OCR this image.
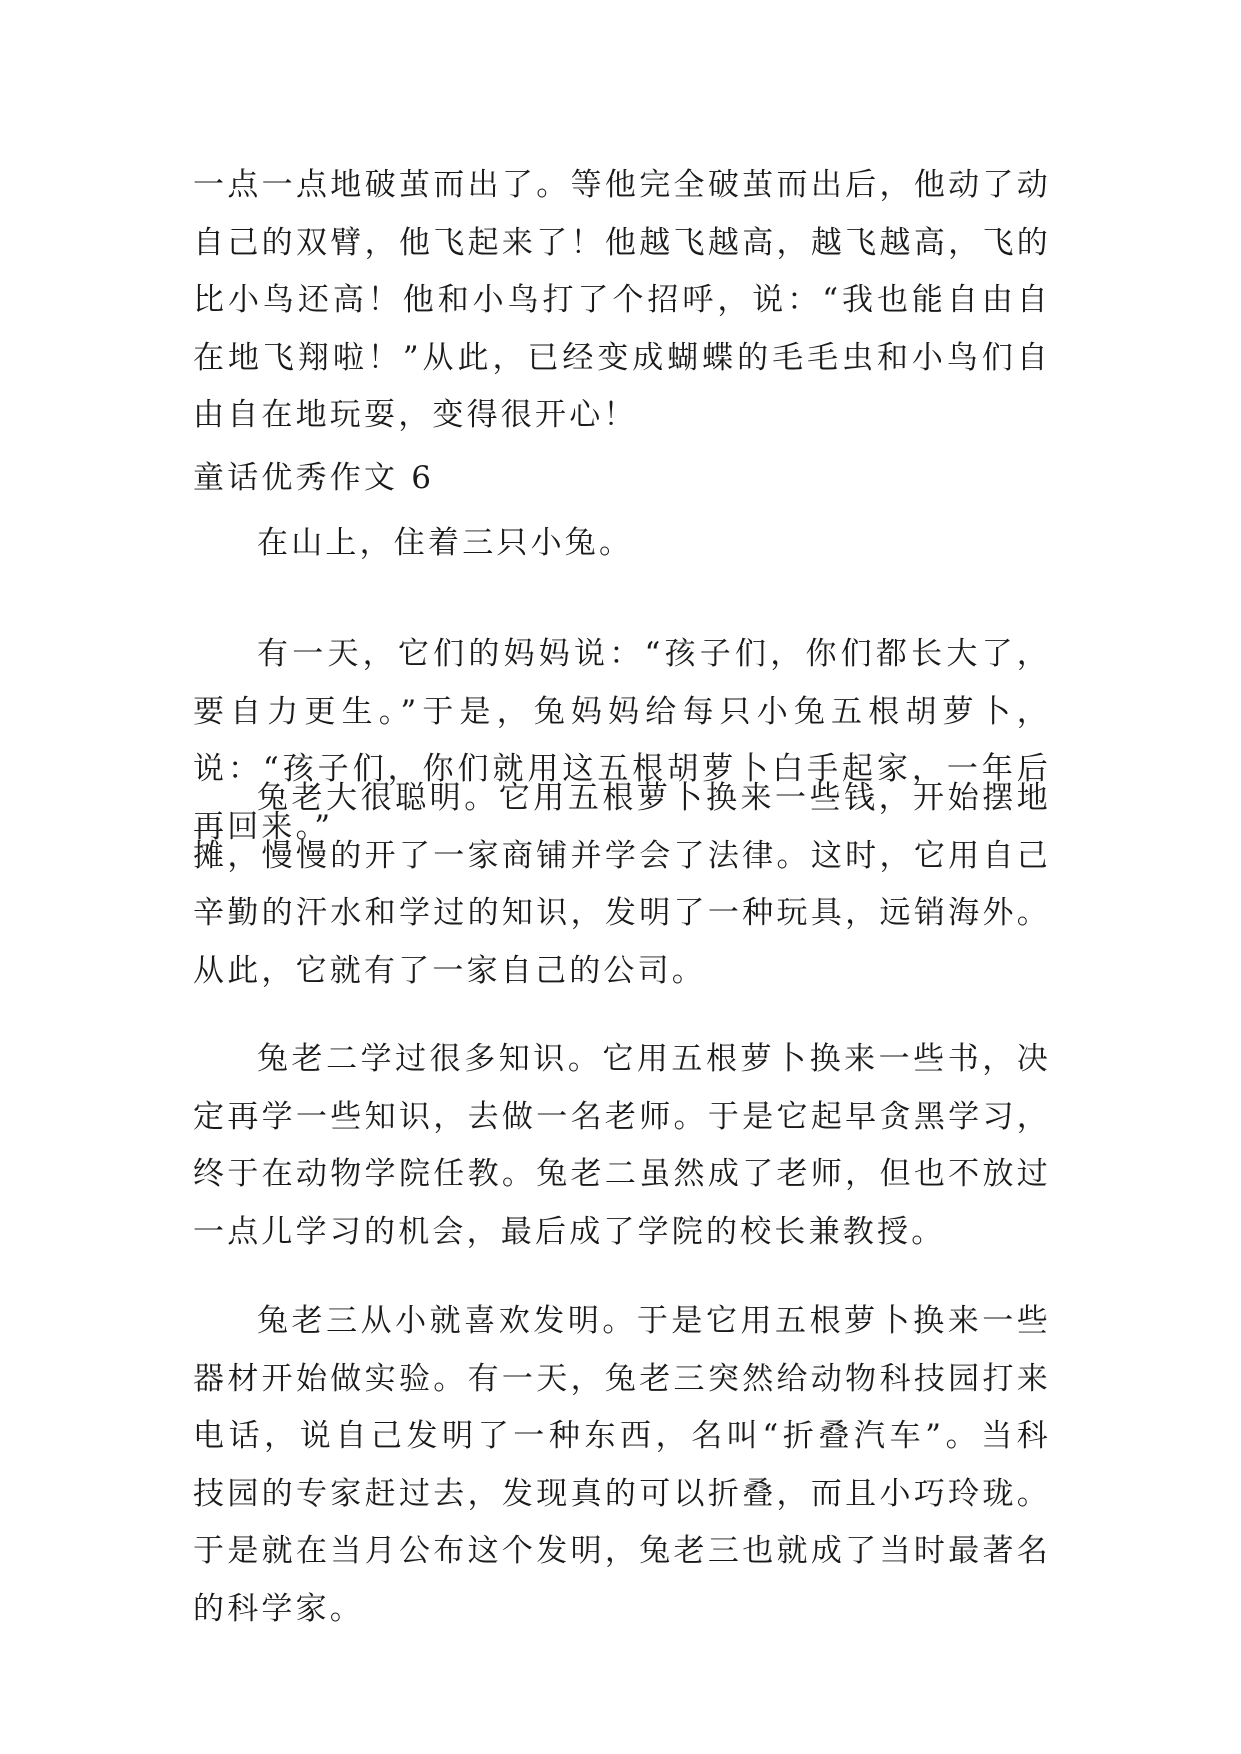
一点一点地破茧而出了。等他完全破茧而出后，他动了动自己的双臂，他飞起来了！他越飞越高，越飞越高，飞的比小鸟还高！他和小鸟打了个招呼，说：“我也能自由自在地飞翔啦！”从此，已经变成蝴蝶的毛毛虫和小鸟们自由自在地玩耍，变得很开心！
童话优秀作文 6
在山上，住着三只小兔。
有一天，它们的妈妈说：“孩子们，你们都长大了，要自力更生。”于是，兔妈妈给每只小兔五根胡萝卜，说：“孩子们，你们就用这五根胡萝卜白手起家，一年后再回来。”
兔老大很聪明。它用五根萝卜换来一些钱，开始摆地摊，慢慢的开了一家商铺并学会了法律。这时，它用自己辛勤的汗水和学过的知识，发明了一种玩具，远销海外。从此，它就有了一家自己的公司。
兔老二学过很多知识。它用五根萝卜换来一些书，决定再学一些知识，去做一名老师。于是它起早贪黑学习，终于在动物学院任教。兔老二虽然成了老师，但也不放过一点儿学习的机会，最后成了学院的校长兼教授。
兔老三从小就喜欢发明。于是它用五根萝卜换来一些器材开始做实验。有一天，兔老三突然给动物科技园打来电话，说自己发明了一种东西，名叫“折叠汽车”。当科技园的专家赶过去，发现真的可以折叠，而且小巧玲珑。于是就在当月公布这个发明，兔老三也就成了当时最著名的科学家。
